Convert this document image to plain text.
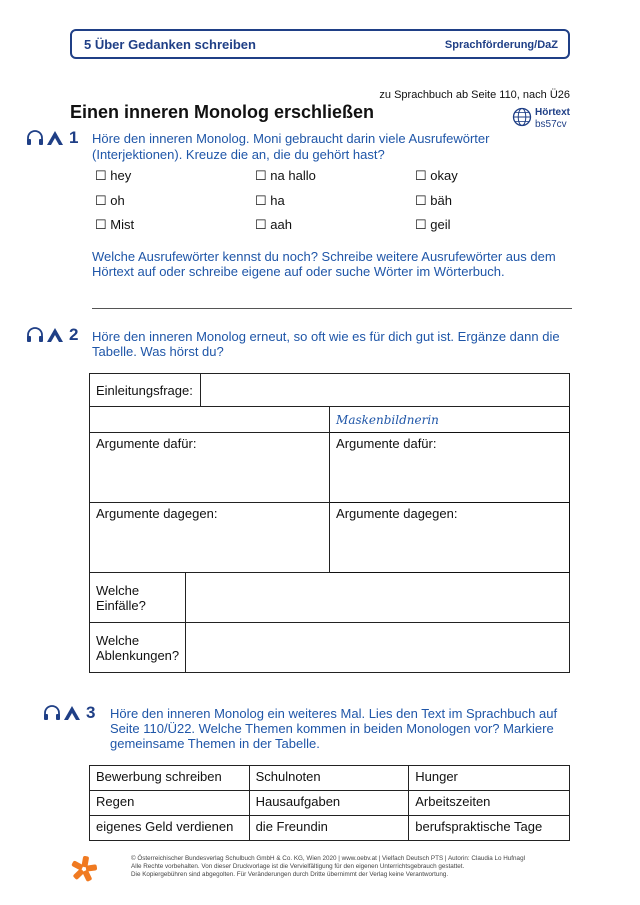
5 Über Gedanken schreiben	Sprachförderung/DaZ
zu Sprachbuch ab Seite 110, nach Ü26
Einen inneren Monolog erschließen	Hörtext
bs57cv
1 Höre den inneren Monolog. Moni gebraucht darin viele Ausrufewörter
(Interjektionen). Kreuze die an, die du gehört hast?
☐ hey	☐ na hallo	☐ okay
☐ oh	☐ ha	☐ bäh
☐ Mist	☐ aah	☐ geil
Welche Ausrufewörter kennst du noch? Schreibe weitere Ausrufewörter aus dem
Hörtext auf oder schreibe eigene auf oder suche Wörter im Wörterbuch.
2 Höre den inneren Monolog erneut, so oft wie es für dich gut ist. Ergänze dann die
Tabelle. Was hörst du?
Einleitungsfrage:			
			Maskenbildnerin
Argumente dafür:			Argumente dafür:
Argumente dagegen:			Argumente dagegen:
Welche
Einfälle?			
Welche
Ablenkungen?			
3 Höre den inneren Monolog ein weiteres Mal. Lies den Text im Sprachbuch auf
Seite 110/Ü22. Welche Themen kommen in beiden Monologen vor? Markiere
gemeinsame Themen in der Tabelle.
Bewerbung schreiben	Schulnoten	Hunger
Regen	Hausaufgaben	Arbeitszeiten
eigenes Geld verdienen	die Freundin	berufspraktische Tage
© Österreichischer Bundesverlag Schulbuch GmbH & Co. KG, Wien 2020 | www.oebv.at | Vielfach Deutsch PTS | Autorin: Claudia Lo Hufnagl
Alle Rechte vorbehalten. Von dieser Druckvorlage ist die Vervielfältigung für den eigenen Unterrichtsgebrauch gestattet.
Die Kopiergebühren sind abgegolten. Für Veränderungen durch Dritte übernimmt der Verlag keine Verantwortung.
